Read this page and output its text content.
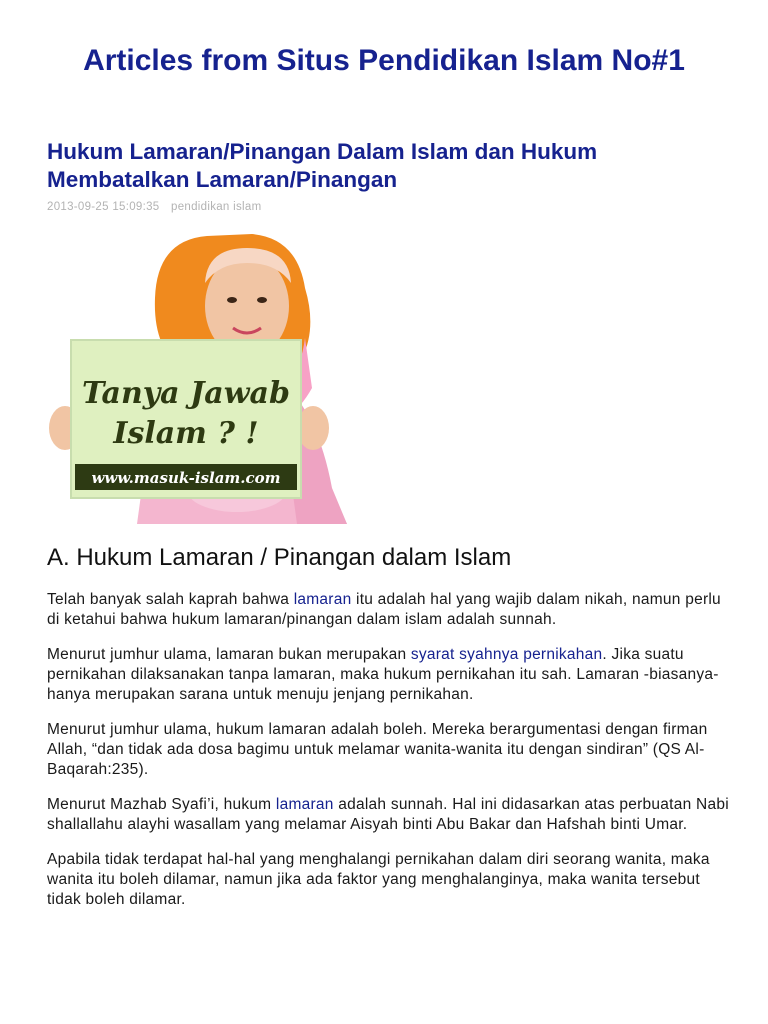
Articles from Situs Pendidikan Islam No#1
Hukum Lamaran/Pinangan Dalam Islam dan Hukum Membatalkan Lamaran/Pinangan
2013-09-25 15:09:35 pendidikan islam
Tanya Jawab
Islam ? !
www.masuk-islam.com
A. Hukum Lamaran / Pinangan dalam Islam

Telah banyak salah kaprah bahwa lamaran itu adalah hal yang wajib dalam nikah, namun perlu di ketahui bahwa hukum lamaran/pinangan dalam islam adalah sunnah.

Menurut jumhur ulama, lamaran bukan merupakan syarat syahnya pernikahan. Jika suatu pernikahan dilaksanakan tanpa lamaran, maka hukum pernikahan itu sah. Lamaran -biasanya- hanya merupakan sarana untuk menuju jenjang pernikahan.

Menurut jumhur ulama, hukum lamaran adalah boleh. Mereka berargumentasi dengan firman Allah, “dan tidak ada dosa bagimu untuk melamar wanita-wanita itu dengan sindiran” (QS Al-Baqarah:235).

Menurut Mazhab Syafi’i, hukum lamaran adalah sunnah. Hal ini didasarkan atas perbuatan Nabi shallallahu alayhi wasallam yang melamar Aisyah binti Abu Bakar dan Hafshah binti Umar.

Apabila tidak terdapat hal-hal yang menghalangi pernikahan dalam diri seorang wanita, maka wanita itu boleh dilamar, namun jika ada faktor yang menghalanginya, maka wanita tersebut tidak boleh dilamar.
